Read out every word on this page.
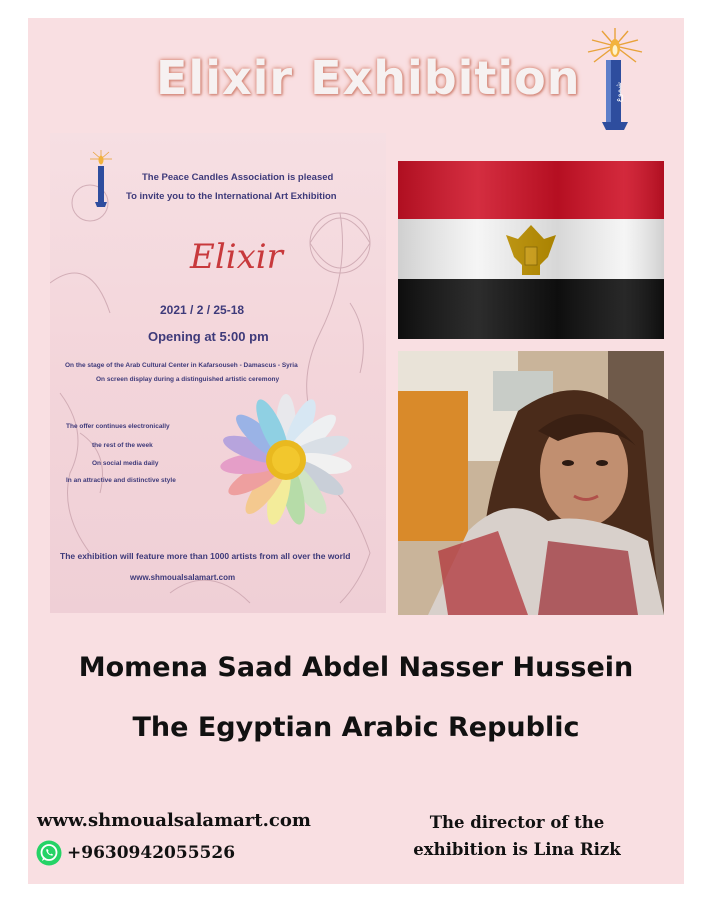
Elixir Exhibition	شموع
The Peace Candles Association is pleased
To invite you to the International Art Exhibition
Elixir
2021 / 2 / 25-18
Opening at 5:00 pm
On the stage of the Arab Cultural Center in Kafarsouseh - Damascus - Syria
On screen display during a distinguished artistic ceremony
The offer continues electronically
the rest of the week
On social media daily
In an attractive and distinctive style
The exhibition will feature more than 1000 artists from all over the world
www.shmoualsalamart.com
Momena Saad Abdel Nasser Hussein
The Egyptian Arabic Republic
www.shmoualsalamart.com
+9630942055526
The director of the
exhibition is Lina Rizk
